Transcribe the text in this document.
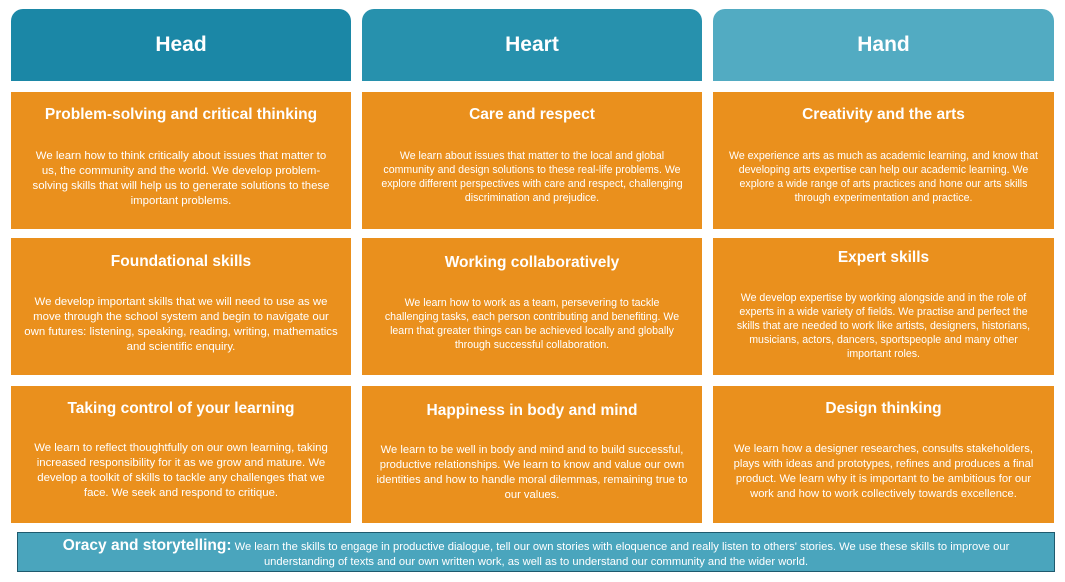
Head	Heart	Hand
Problem-solving and critical thinking

We learn how to think critically about issues that matter to us, the community and the world. We develop problem-solving skills that will help us to generate solutions to these important problems.

Care and respect

We learn about issues that matter to the local and global community and design solutions to these real-life problems. We explore different perspectives with care and respect, challenging discrimination and prejudice.

Creativity and the arts

We experience arts as much as academic learning, and know that developing arts expertise can help our academic learning. We explore a wide range of arts practices and hone our arts skills through experimentation and practice.

Foundational skills

We develop important skills that we will need to use as we move through the school system and begin to navigate our own futures: listening, speaking, reading, writing, mathematics and scientific enquiry.

Working collaboratively

We learn how to work as a team, persevering to tackle challenging tasks, each person contributing and benefiting. We learn that greater things can be achieved locally and globally through successful collaboration.

Expert skills

We develop expertise by working alongside and in the role of experts in a wide variety of fields. We practise and perfect the skills that are needed to work like artists, designers, historians, musicians, actors, dancers, sportspeople and many other important roles.

Taking control of your learning

We learn to reflect thoughtfully on our own learning, taking increased responsibility for it as we grow and mature. We develop a toolkit of skills to tackle any challenges that we face. We seek and respond to critique.

Happiness in body and mind

We learn to be well in body and mind and to build successful, productive relationships. We learn to know and value our own identities and how to handle moral dilemmas, remaining true to our values.

Design thinking

We learn how a designer researches, consults stakeholders, plays with ideas and prototypes, refines and produces a final product. We learn why it is important to be ambitious for our work and how to work collectively towards excellence.

Oracy and storytelling: We learn the skills to engage in productive dialogue, tell our own stories with eloquence and really listen to others' stories. We use these skills to improve our understanding of texts and our own written work, as well as to understand our community and the wider world.
